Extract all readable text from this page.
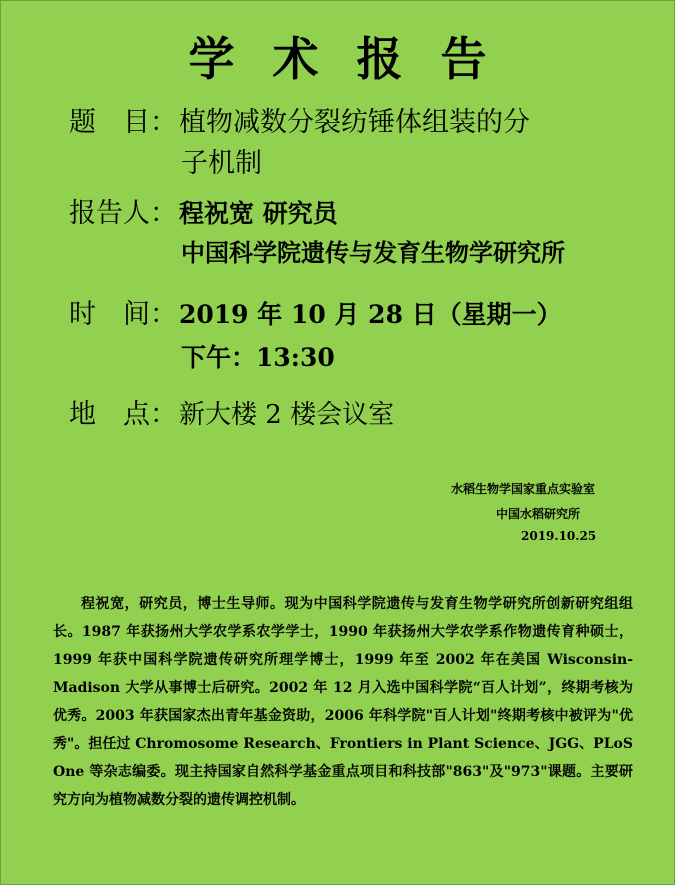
学术报告
题　目：植物减数分裂纺锤体组装的分
子机制
报告人：程祝宽 研究员
中国科学院遗传与发育生物学研究所
时　间：2019 年 10 月 28 日（星期一）
下午：13:30
地　点：新大楼 2 楼会议室
水稻生物学国家重点实验室
中国水稻研究所
2019.10.25
程祝宽，研究员，博士生导师。现为中国科学院遗传与发育生物学研究所创新研究组组长。1987 年获扬州大学农学系农学学士，1990 年获扬州大学农学系作物遗传育种硕士，1999 年获中国科学院遗传研究所理学博士，1999 年至 2002 年在美国 Wisconsin-Madison 大学从事博士后研究。2002 年 12 月入选中国科学院“百人计划”，终期考核为优秀。2003 年获国家杰出青年基金资助，2006 年科学院"百人计划"终期考核中被评为"优秀"。担任过 Chromosome Research、Frontiers in Plant Science、JGG、PLoS One 等杂志编委。现主持国家自然科学基金重点项目和科技部"863"及"973"课题。主要研究方向为植物减数分裂的遗传调控机制。
